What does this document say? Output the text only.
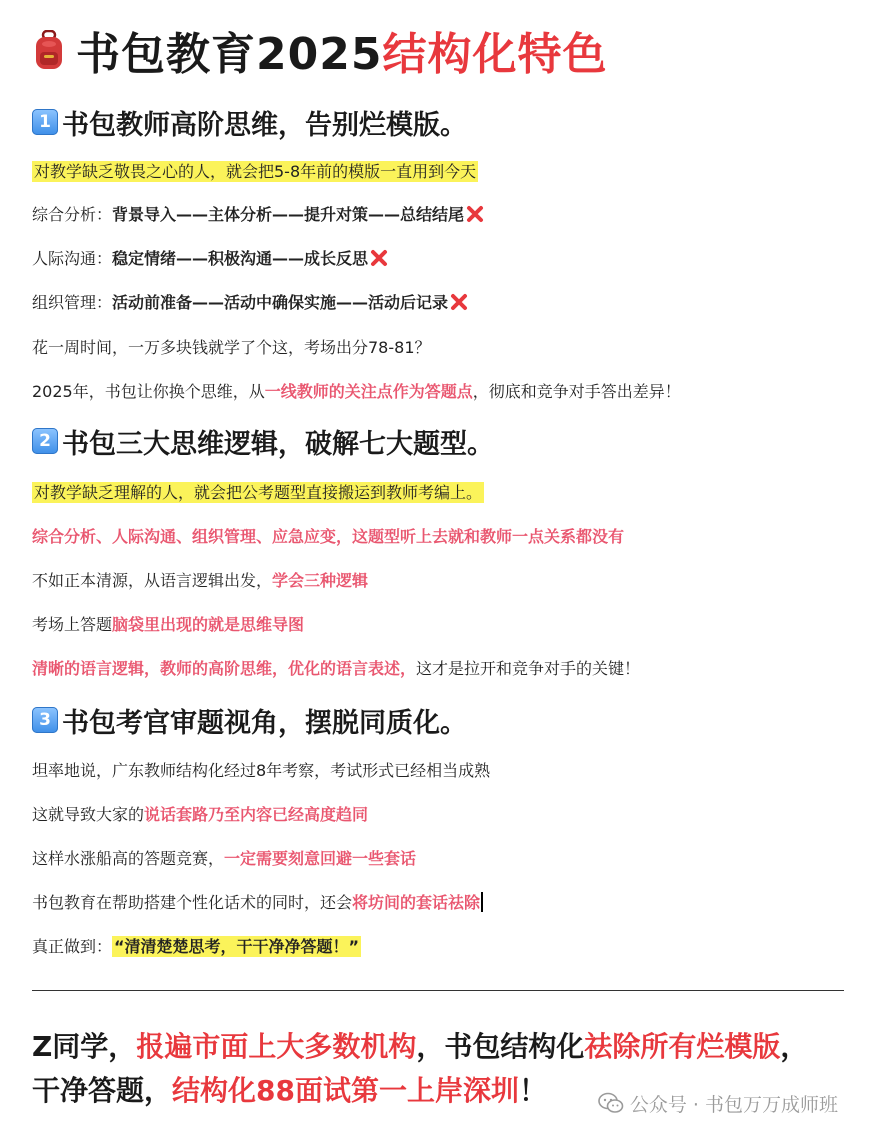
书包教育2025 结构化特色
1 书包教师高阶思维，告别烂模版。
对教学缺乏敬畏之心的人，就会把5-8年前的模版一直用到今天
综合分析：背景导入——主体分析——提升对策——总结结尾
人际沟通：稳定情绪——积极沟通——成长反思
组织管理：活动前准备——活动中确保实施——活动后记录
花一周时间，一万多块钱就学了个这，考场出分78-81？
2025年，书包让你换个思维，从一线教师的关注点作为答题点，彻底和竞争对手答出差异！
2 书包三大思维逻辑，破解七大题型。
对教学缺乏理解的人，就会把公考题型直接搬运到教师考编上。
综合分析、人际沟通、组织管理、应急应变，这题型听上去就和教师一点关系都没有
不如正本清源，从语言逻辑出发，学会三种逻辑
考场上答题脑袋里出现的就是思维导图
清晰的语言逻辑，教师的高阶思维，优化的语言表述，这才是拉开和竞争对手的关键！
3 书包考官审题视角，摆脱同质化。
坦率地说，广东教师结构化经过8年考察，考试形式已经相当成熟
这就导致大家的说话套路乃至内容已经高度趋同
这样水涨船高的答题竞赛，一定需要刻意回避一些套话
书包教育在帮助搭建个性化话术的同时，还会将坊间的套话祛除
真正做到： “清清楚楚思考，干干净净答题！”
Z同学，报遍市面上大多数机构，书包结构化祛除所有烂模版，干净答题，结构化88面试第一上岸深圳！	公众号 · 书包万万成师班
